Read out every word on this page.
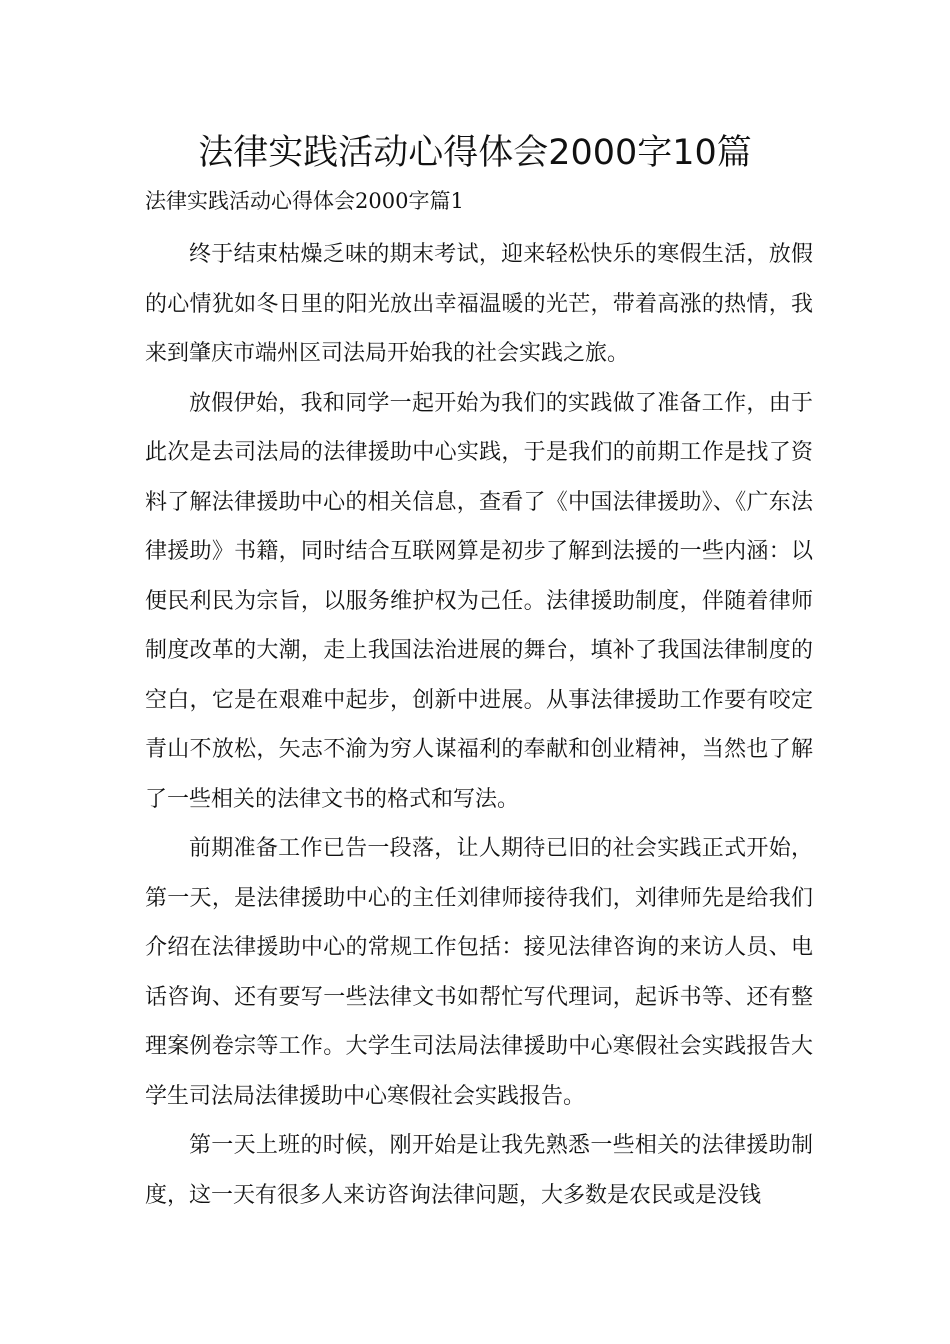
法律实践活动心得体会2000字10篇
法律实践活动心得体会2000字篇1

终于结束枯燥乏味的期末考试，迎来轻松快乐的寒假生活，放假的心情犹如冬日里的阳光放出幸福温暖的光芒，带着高涨的热情，我来到肇庆市端州区司法局开始我的社会实践之旅。

放假伊始，我和同学一起开始为我们的实践做了准备工作，由于此次是去司法局的法律援助中心实践，于是我们的前期工作是找了资料了解法律援助中心的相关信息，查看了《中国法律援助》、《广东法律援助》书籍，同时结合互联网算是初步了解到法援的一些内涵：以便民利民为宗旨，以服务维护权为己任。法律援助制度，伴随着律师制度改革的大潮，走上我国法治进展的舞台，填补了我国法律制度的空白，它是在艰难中起步，创新中进展。从事法律援助工作要有咬定青山不放松，矢志不渝为穷人谋福利的奉献和创业精神，当然也了解了一些相关的法律文书的格式和写法。

前期准备工作已告一段落，让人期待已旧的社会实践正式开始，第一天，是法律援助中心的主任刘律师接待我们，刘律师先是给我们介绍在法律援助中心的常规工作包括：接见法律咨询的来访人员、电话咨询、还有要写一些法律文书如帮忙写代理词，起诉书等、还有整理案例卷宗等工作。大学生司法局法律援助中心寒假社会实践报告大学生司法局法律援助中心寒假社会实践报告。

第一天上班的时候，刚开始是让我先熟悉一些相关的法律援助制度，这一天有很多人来访咨询法律问题，大多数是农民或是没钱
